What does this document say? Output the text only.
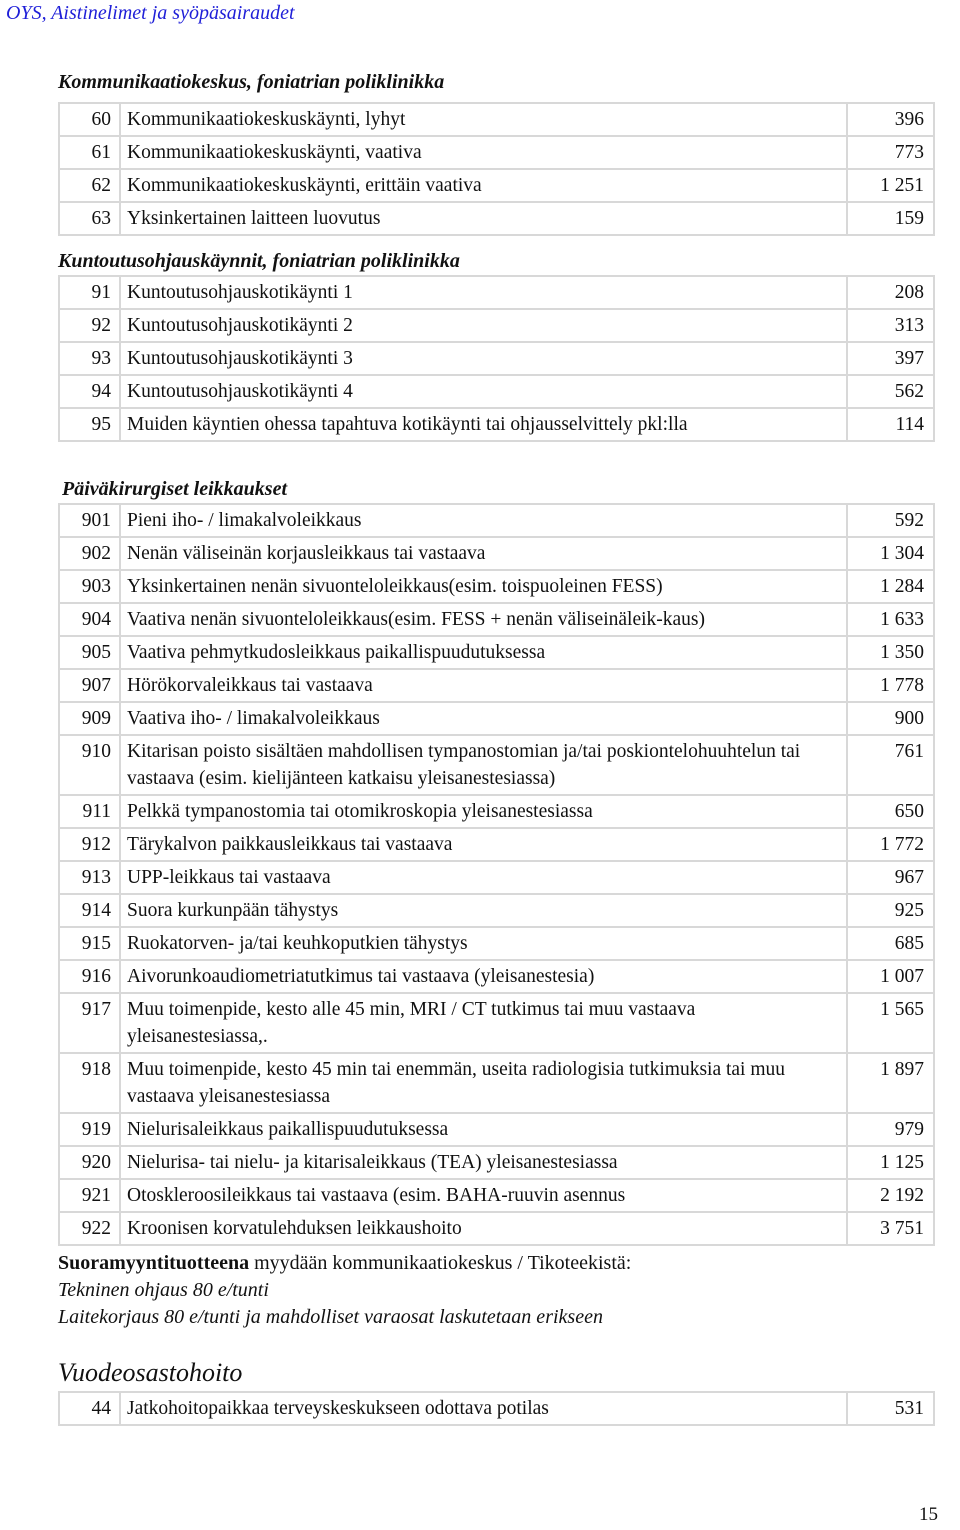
OYS, Aistinelimet ja syöpäsairaudet
Kommunikaatiokeskus, foniatrian poliklinikka
60	Kommunikaatiokeskuskäynti, lyhyt	396
61	Kommunikaatiokeskuskäynti, vaativa	773
62	Kommunikaatiokeskuskäynti, erittäin vaativa	1 251
63	Yksinkertainen laitteen luovutus	159
Kuntoutusohjauskäynnit, foniatrian poliklinikka
91	Kuntoutusohjauskotikäynti 1	208
92	Kuntoutusohjauskotikäynti 2	313
93	Kuntoutusohjauskotikäynti 3	397
94	Kuntoutusohjauskotikäynti 4	562
95	Muiden käyntien ohessa tapahtuva kotikäynti tai ohjausselvittely pkl:lla	114
Päiväkirurgiset leikkaukset
901	Pieni iho- / limakalvoleikkaus	592
902	Nenän väliseinän korjausleikkaus tai vastaava	1 304
903	Yksinkertainen nenän sivuonteloleikkaus(esim. toispuoleinen FESS)	1 284
904	Vaativa nenän sivuonteloleikkaus(esim. FESS + nenän väliseinäleik-kaus)	1 633
905	Vaativa pehmytkudosleikkaus paikallispuudutuksessa	1 350
907	Hörökorvaleikkaus tai vastaava	1 778
909	Vaativa iho- / limakalvoleikkaus	900
910	Kitarisan poisto sisältäen mahdollisen tympanostomian ja/tai poskiontelohuuhtelun tai vastaava (esim. kielijänteen katkaisu yleisanestesiassa)	761
911	Pelkkä tympanostomia tai otomikroskopia yleisanestesiassa	650
912	Tärykalvon paikkausleikkaus tai vastaava	1 772
913	UPP-leikkaus tai vastaava	967
914	Suora kurkunpään tähystys	925
915	Ruokatorven- ja/tai keuhkoputkien tähystys	685
916	Aivorunkoaudiometriatutkimus tai vastaava (yleisanestesia)	1 007
917	Muu toimenpide, kesto alle 45 min, MRI / CT tutkimus tai muu vastaava yleisanestesiassa,.	1 565
918	Muu toimenpide, kesto 45 min tai enemmän, useita radiologisia tutkimuksia tai muu vastaava yleisanestesiassa	1 897
919	Nielurisaleikkaus paikallispuudutuksessa	979
920	Nielurisa- tai nielu- ja kitarisaleikkaus (TEA) yleisanestesiassa	1 125
921	Otoskleroosileikkaus tai vastaava (esim. BAHA-ruuvin asennus	2 192
922	Kroonisen korvatulehduksen leikkaushoito	3 751
Suoramyyntituotteena myydään kommunikaatiokeskus / Tikoteekistä:
Tekninen ohjaus 80 e/tunti
Laitekorjaus 80 e/tunti ja mahdolliset varaosat laskutetaan erikseen
Vuodeosastohoito
44	Jatkohoitopaikkaa terveyskeskukseen odottava potilas	531
15
